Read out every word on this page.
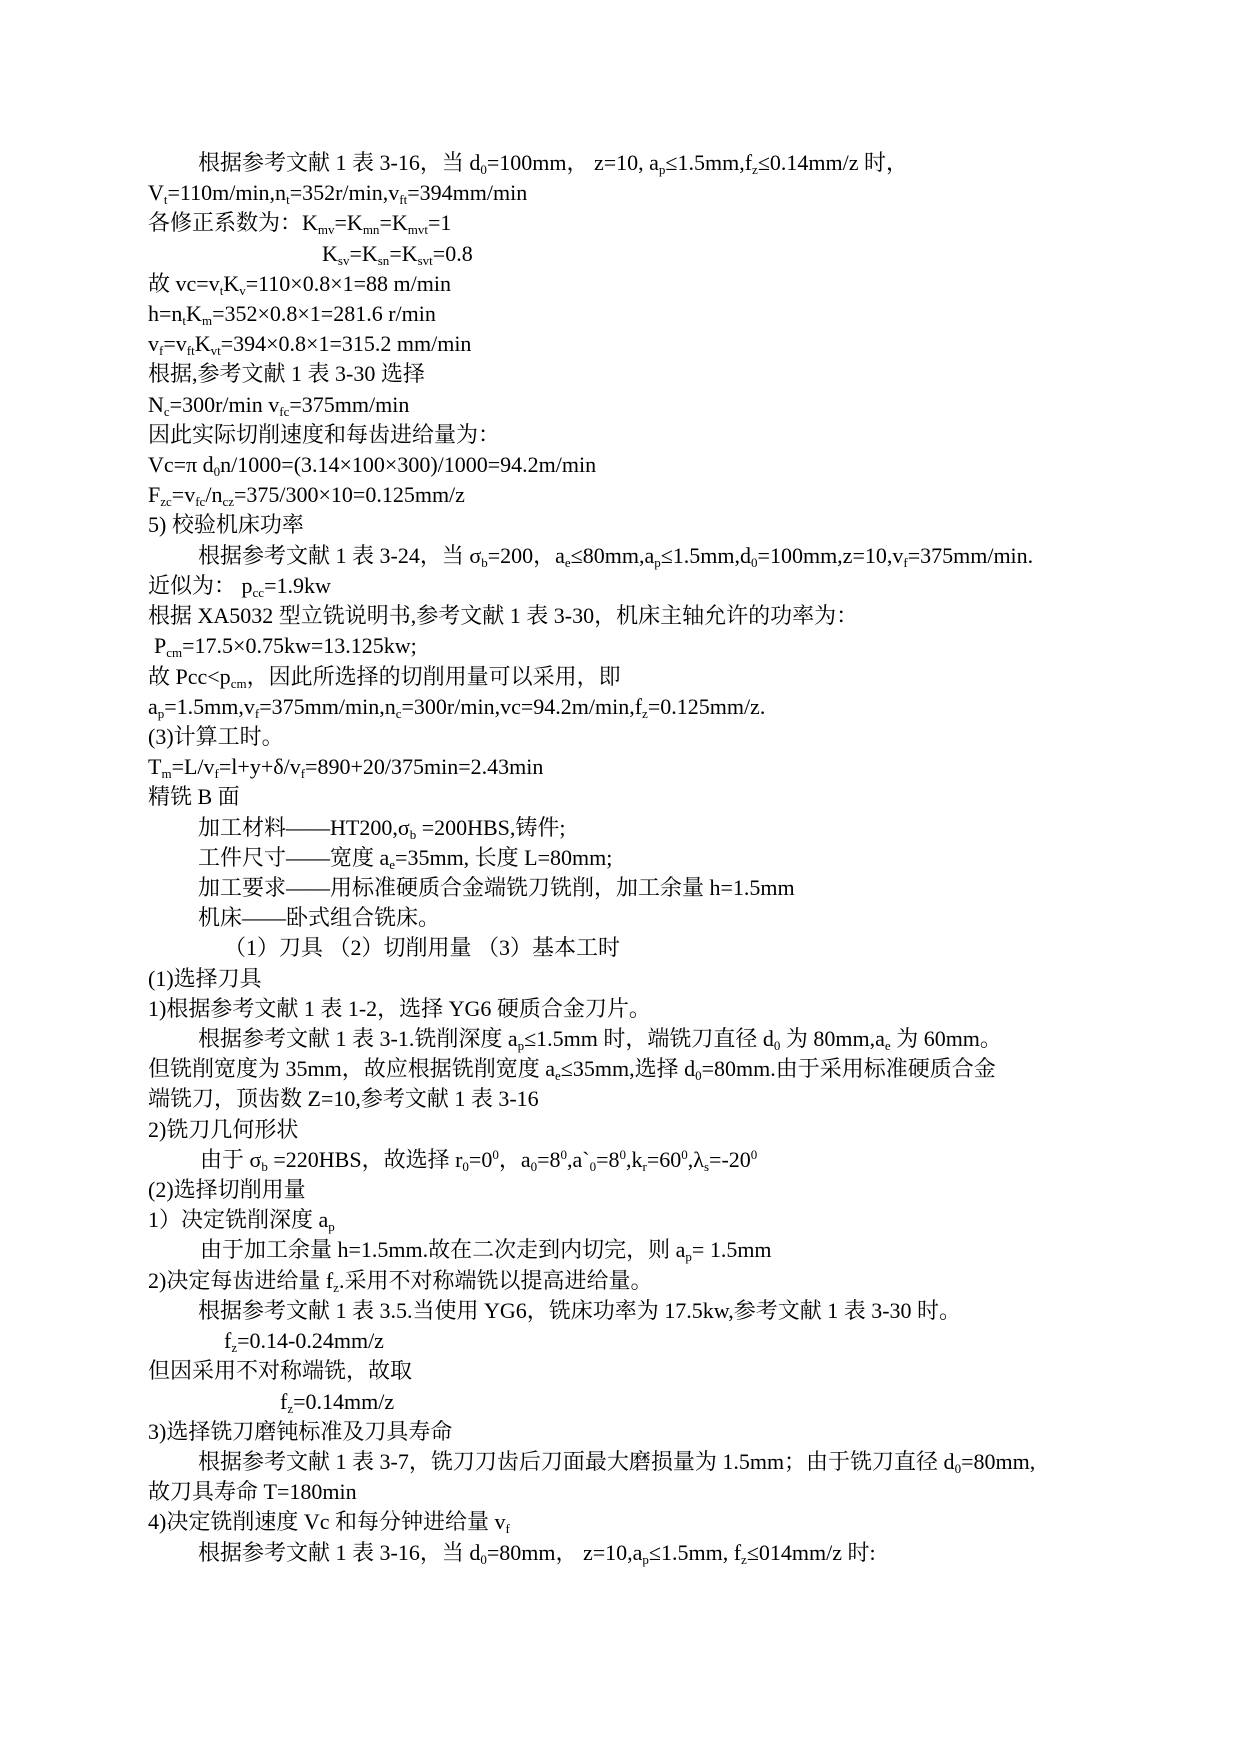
根据参考文献 1 表 3-16，当 $d_0=100mm$， z=10, $a_p\le 1.5mm,f_z\le 0.14mm/z$ 时，
$V_t=110m/\min,n_t=352r/\min,v_{ft}=394mm/\min$
各修正系数为：$K_{mv}=K_{mn}=K_{mvt}=1$
$K_{sv}=K_{sn}=K_{svt}=0.8$
故 $vc=v_tK_v=110\times 0.8\times 1=88$ m/min
$h=n_tK_m=352\times 0.8\times 1=281.6$ r/min
$v_f=v_{ft}K_{vt}=394\times 0.8\times 1=315.2$ mm/min
根据,参考文献 1 表 3-30 选择
$N_c=300r/\min$ $v_{fc}=375mm/\min$
因此实际切削速度和每齿进给量为：
Vc=π $d_0n/1000=(3.14\times 100\times 300)/1000=94.2m/\min$
$F_{zc}=v_{fc}/n_{cz}=375/300\times 10=0.125mm/z$
5) 校验机床功率
根据参考文献 1 表 3-24，当 $\sigma_b=200$，$a_e\le 80mm,a_p\le 1.5mm,d_0=100mm,z=10,v_f=375mm/\min$.
近似为： $p_{cc}=1.9kw$
根据 XA5032 型立铣说明书,参考文献 1 表 3-30，机床主轴允许的功率为：
$P_{cm}=17.5\times 0.75kw=13.125kw$;
故 $Pcc<p_{cm}$，因此所选择的切削用量可以采用，即
$a_p=1.5mm,v_f=375mm/\min,n_c=300r/\min,vc=94.2m/\min,f_z=0.125mm/z$.
(3)计算工时。
$T_m=L/v_f=l+y+\delta/v_f=890+20/375\min=2.43\min$
精铣 B 面
加工材料$——HT200,\sigma_b =200HBS$,铸件;
工件尺寸——宽度 $a_e=35mm$, 长度 L=80mm;
加工要求——用标准硬质合金端铣刀铣削，加工余量 h=1.5mm
机床——卧式组合铣床。
（1）刀具 （2）切削用量 （3）基本工时
(1)选择刀具
1)根据参考文献 1 表 1-2，选择 YG6 硬质合金刀片。
根据参考文献 1 表 3-1.铣削深度 $a_p\le 1.5mm$ 时，端铣刀直径 $d_0$ 为 $80mm,a_e$ 为 60mm。
但铣削宽度为 35mm，故应根据铣削宽度 $a_e\le 35mm$,选择 $d_0=80mm$.由于采用标准硬质合金
端铣刀，顶齿数 Z=10,参考文献 1 表 3-16
2)铣刀几何形状
由于 $\sigma_b =220HBS$，故选择 $r_0=0^0$，$a_0=8^0,a`_0=8^0,k_r=60^0,\lambda_s=-20^0$
(2)选择切削用量
1）决定铣削深度 $a_p$
由于加工余量 h=1.5mm.故在二次走到内切完，则 $a_p= 1.5mm$
2)决定每齿进给量 $f_z$.采用不对称端铣以提高进给量。
根据参考文献 1 表 3.5.当使用 YG6，铣床功率为 17.5kw,参考文献 1 表 3-30 时。
$f_z=0.14-0.24mm/z$
但因采用不对称端铣，故取
$f_z=0.14mm/z$
3)选择铣刀磨钝标准及刀具寿命
根据参考文献 1 表 3-7，铣刀刀齿后刀面最大磨损量为 1.5mm；由于铣刀直径 $d_0=80mm$,
故刀具寿命 T=180min
4)决定铣削速度 Vc 和每分钟进给量 $v_f$
根据参考文献 1 表 3-16，当 $d_0=80mm$， $z=10,a_p\le 1.5mm$, $f_z\le 014mm/z$ 时:
